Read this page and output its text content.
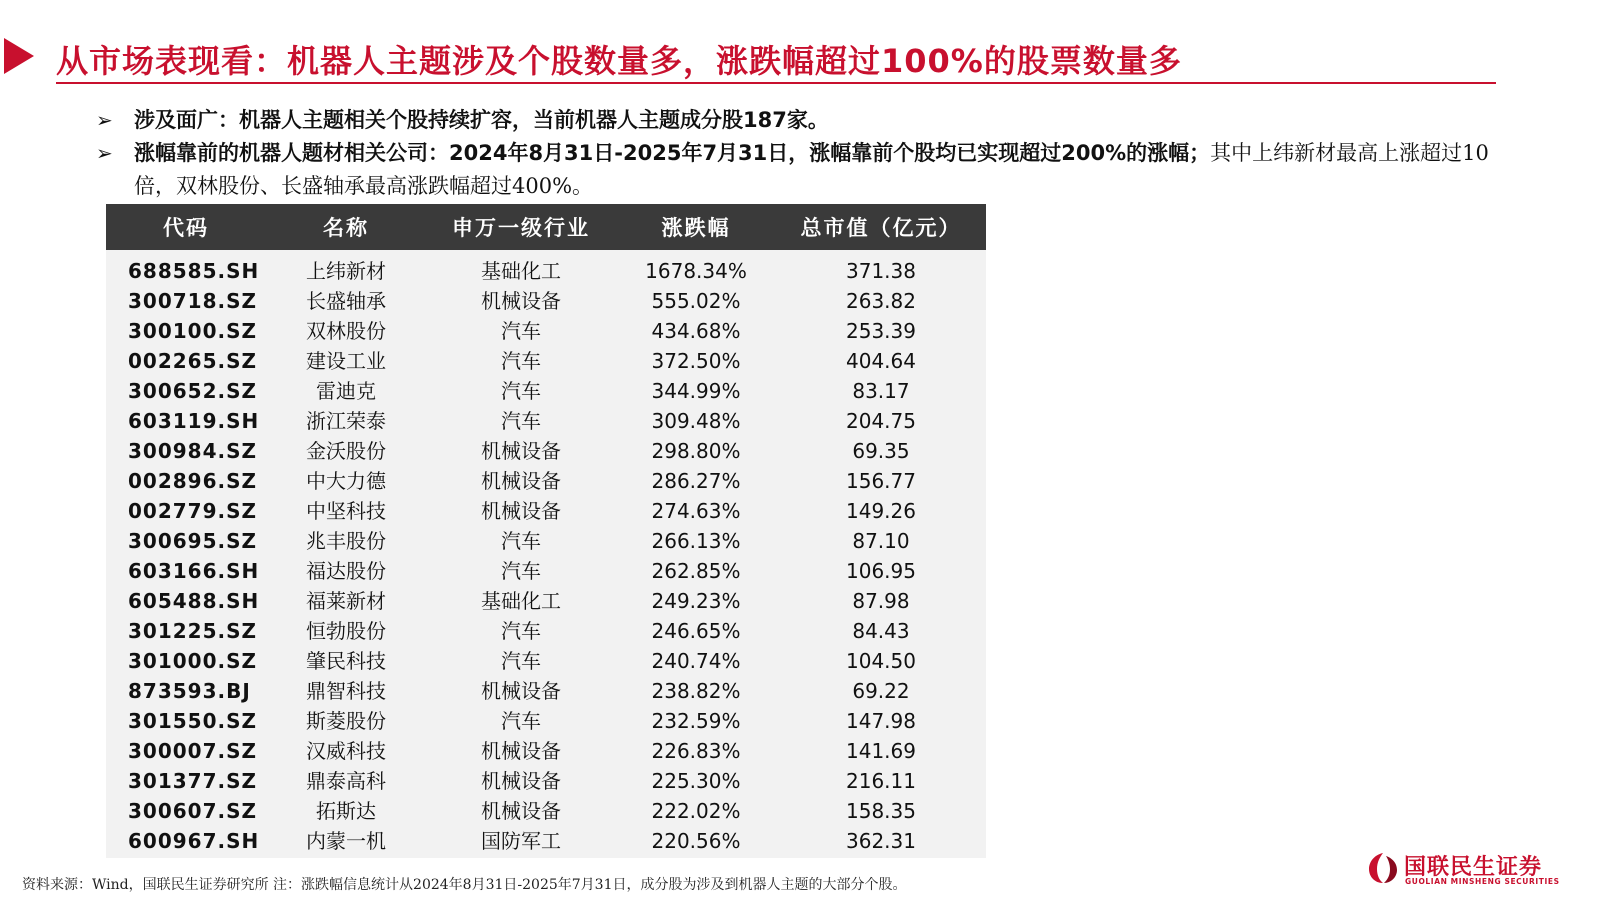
从市场表现看：机器人主题涉及个股数量多，涨跌幅超过100%的股票数量多
➢ 涉及面广：机器人主题相关个股持续扩容，当前机器人主题成分股187家。
➢ 涨幅靠前的机器人题材相关公司：2024年8月31日-2025年7月31日，涨幅靠前个股均已实现超过200%的涨幅；其中上纬新材最高上涨超过10倍，双林股份、长盛轴承最高涨跌幅超过400%。
代码	名称	申万一级行业	涨跌幅	总市值（亿元）
688585.SH	上纬新材	基础化工	1678.34%	371.38
300718.SZ	长盛轴承	机械设备	555.02%	263.82
300100.SZ	双林股份	汽车	434.68%	253.39
002265.SZ	建设工业	汽车	372.50%	404.64
300652.SZ	雷迪克	汽车	344.99%	83.17
603119.SH	浙江荣泰	汽车	309.48%	204.75
300984.SZ	金沃股份	机械设备	298.80%	69.35
002896.SZ	中大力德	机械设备	286.27%	156.77
002779.SZ	中坚科技	机械设备	274.63%	149.26
300695.SZ	兆丰股份	汽车	266.13%	87.10
603166.SH	福达股份	汽车	262.85%	106.95
605488.SH	福莱新材	基础化工	249.23%	87.98
301225.SZ	恒勃股份	汽车	246.65%	84.43
301000.SZ	肇民科技	汽车	240.74%	104.50
873593.BJ	鼎智科技	机械设备	238.82%	69.22
301550.SZ	斯菱股份	汽车	232.59%	147.98
300007.SZ	汉威科技	机械设备	226.83%	141.69
301377.SZ	鼎泰高科	机械设备	225.30%	216.11
300607.SZ	拓斯达	机械设备	222.02%	158.35
600967.SH	内蒙一机	国防军工	220.56%	362.31
资料来源：Wind，国联民生证券研究所 注：涨跌幅信息统计从2024年8月31日-2025年7月31日，成分股为涉及到机器人主题的大部分个股。
国联民生证券
GUOLIAN MINSHENG SECURITIES
